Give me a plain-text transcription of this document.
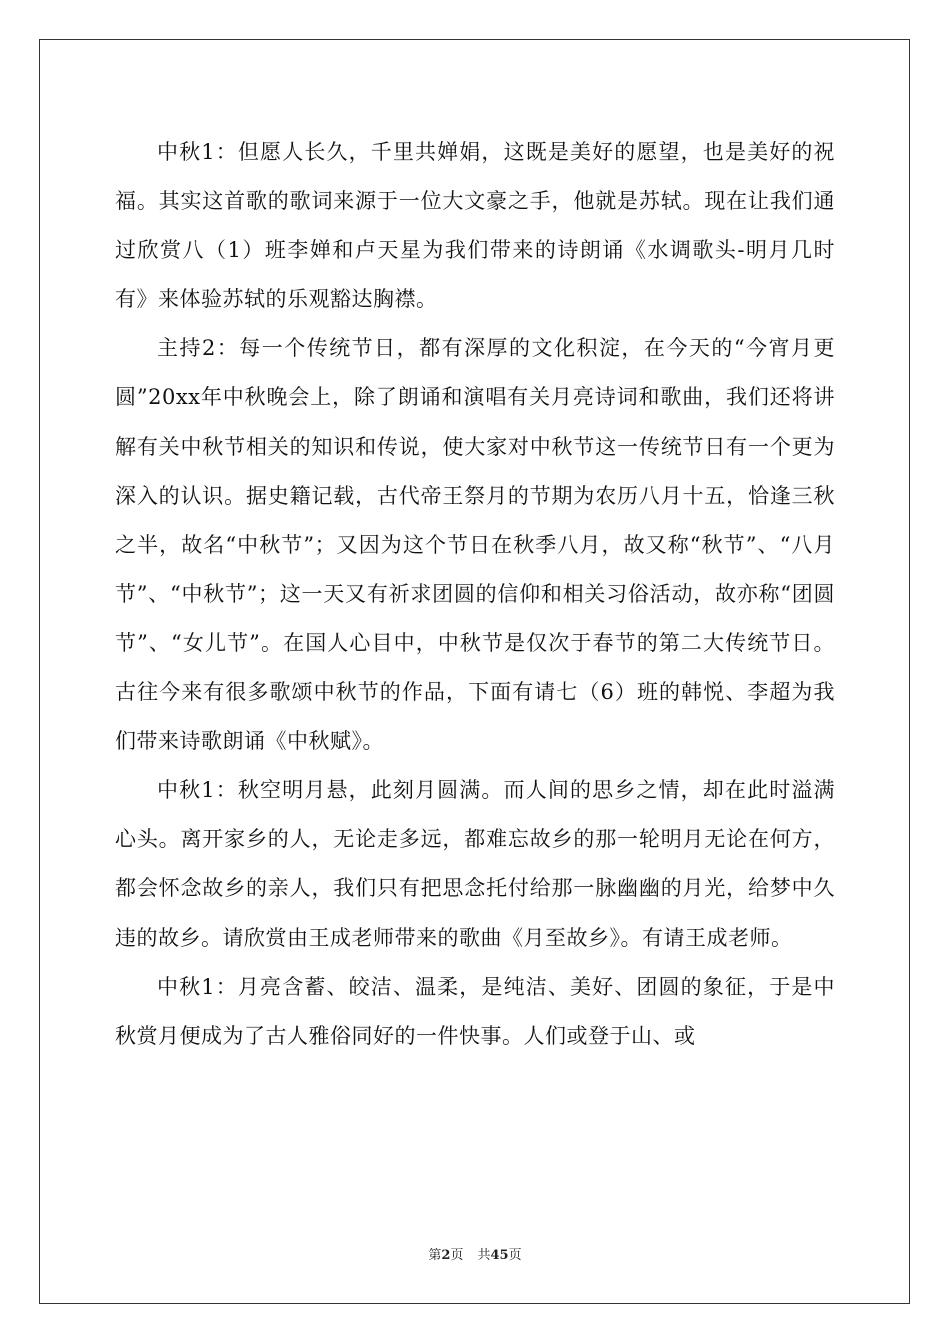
中秋1：但愿人长久，千里共婵娟，这既是美好的愿望，也是美好的祝福。其实这首歌的歌词来源于一位大文豪之手，他就是苏轼。现在让我们通过欣赏八（1）班李婵和卢天星为我们带来的诗朗诵《水调歌头-明月几时有》来体验苏轼的乐观豁达胸襟。

主持2：每一个传统节日，都有深厚的文化积淀，在今天的“今宵月更圆”20xx年中秋晚会上，除了朗诵和演唱有关月亮诗词和歌曲，我们还将讲解有关中秋节相关的知识和传说，使大家对中秋节这一传统节日有一个更为深入的认识。据史籍记载，古代帝王祭月的节期为农历八月十五，恰逢三秋之半，故名“中秋节”；又因为这个节日在秋季八月，故又称“秋节”、“八月节”、“中秋节”；这一天又有祈求团圆的信仰和相关习俗活动，故亦称“团圆节”、“女儿节”。在国人心目中，中秋节是仅次于春节的第二大传统节日。古往今来有很多歌颂中秋节的作品，下面有请七（6）班的韩悦、李超为我们带来诗歌朗诵《中秋赋》。

中秋1：秋空明月悬，此刻月圆满。而人间的思乡之情，却在此时溢满心头。离开家乡的人，无论走多远，都难忘故乡的那一轮明月无论在何方，都会怀念故乡的亲人，我们只有把思念托付给那一脉幽幽的月光，给梦中久违的故乡。请欣赏由王成老师带来的歌曲《月至故乡》。有请王成老师。

中秋1：月亮含蓄、皎洁、温柔，是纯洁、美好、团圆的象征，于是中秋赏月便成为了古人雅俗同好的一件快事。人们或登于山、或

第2页 共45页
